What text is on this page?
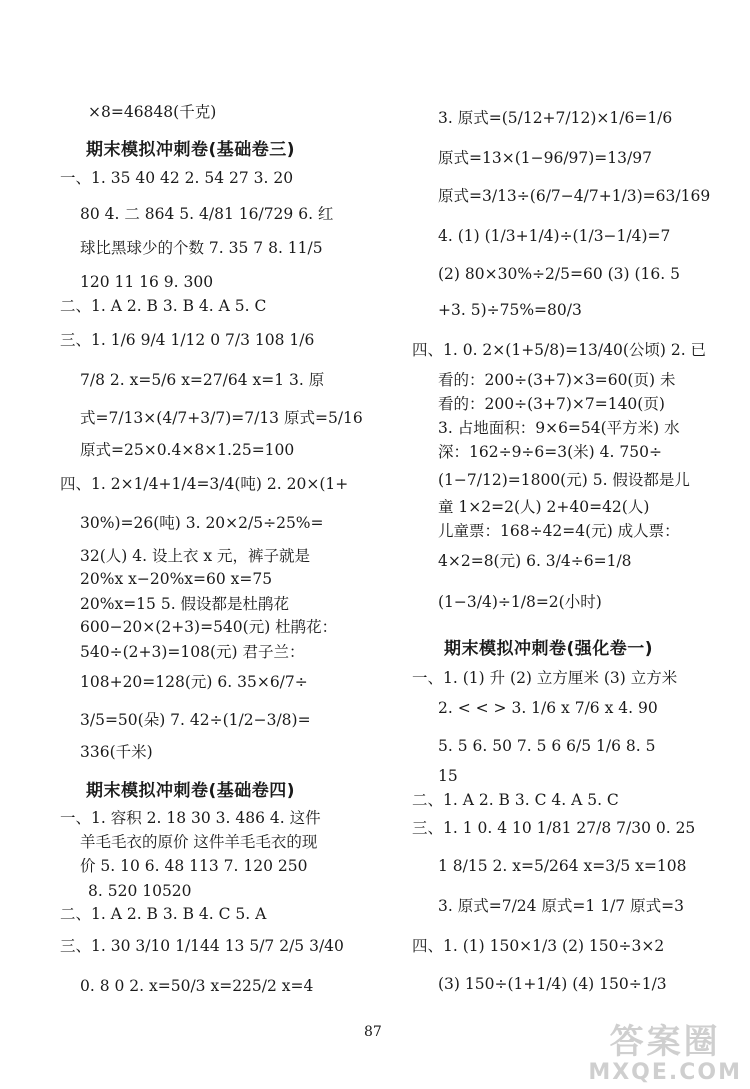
×8=46848(千克)
期末模拟冲刺卷(基础卷三)
一、1. 35 40 42 2. 54 27 3. 20
80 4. 二 864 5. 4/81 16/729 6. 红
球比黑球少的个数 7. 35 7 8. 11/5
120 11 16 9. 300
二、1. A 2. B 3. B 4. A 5. C
三、1. 1/6 9/4 1/12 0 7/3 108 1/6
7/8 2. x=5/6 x=27/64 x=1 3. 原
式=7/13×(4/7+3/7)=7/13 原式=5/16
原式=25×0.4×8×1.25=100
四、1. 2×1/4+1/4=3/4(吨) 2. 20×(1+
30%)=26(吨) 3. 20×2/5÷25%=
32(人) 4. 设上衣 x 元，裤子就是
20%x x−20%x=60 x=75
20%x=15 5. 假设都是杜鹃花
600−20×(2+3)=540(元) 杜鹃花：
540÷(2+3)=108(元) 君子兰：
108+20=128(元) 6. 35×6/7÷
3/5=50(朵) 7. 42÷(1/2−3/8)=
336(千米)
期末模拟冲刺卷(基础卷四)
一、1. 容积 2. 18 30 3. 486 4. 这件
羊毛毛衣的原价 这件羊毛毛衣的现
价 5. 10 6. 48 113 7. 120 250
8. 520 10520
二、1. A 2. B 3. B 4. C 5. A
三、1. 30 3/10 1/144 13 5/7 2/5 3/40
0. 8 0 2. x=50/3 x=225/2 x=4
3. 原式=(5/12+7/12)×1/6=1/6
原式=13×(1−96/97)=13/97
原式=3/13÷(6/7−4/7+1/3)=63/169
4. (1) (1/3+1/4)÷(1/3−1/4)=7
(2) 80×30%÷2/5=60 (3) (16. 5
+3. 5)÷75%=80/3
四、1. 0. 2×(1+5/8)=13/40(公顷) 2. 已
看的：200÷(3+7)×3=60(页) 未
看的：200÷(3+7)×7=140(页)
3. 占地面积：9×6=54(平方米) 水
深：162÷9÷6=3(米) 4. 750÷
(1−7/12)=1800(元) 5. 假设都是儿
童 1×2=2(人) 2+40=42(人)
儿童票：168÷42=4(元) 成人票：
4×2=8(元) 6. 3/4÷6=1/8
(1−3/4)÷1/8=2(小时)
期末模拟冲刺卷(强化卷一)
一、1. (1) 升 (2) 立方厘米 (3) 立方米
2. < < > 3. 1/6 x 7/6 x 4. 90
5. 5 6. 50 7. 5 6 6/5 1/6 8. 5
15
二、1. A 2. B 3. C 4. A 5. C
三、1. 1 0. 4 10 1/81 27/8 7/30 0. 25
1 8/15 2. x=5/264 x=3/5 x=108
3. 原式=7/24 原式=1 1/7 原式=3
四、1. (1) 150×1/3 (2) 150÷3×2
(3) 150÷(1+1/4) (4) 150÷1/3
87	答案圈
MXQE.COM
